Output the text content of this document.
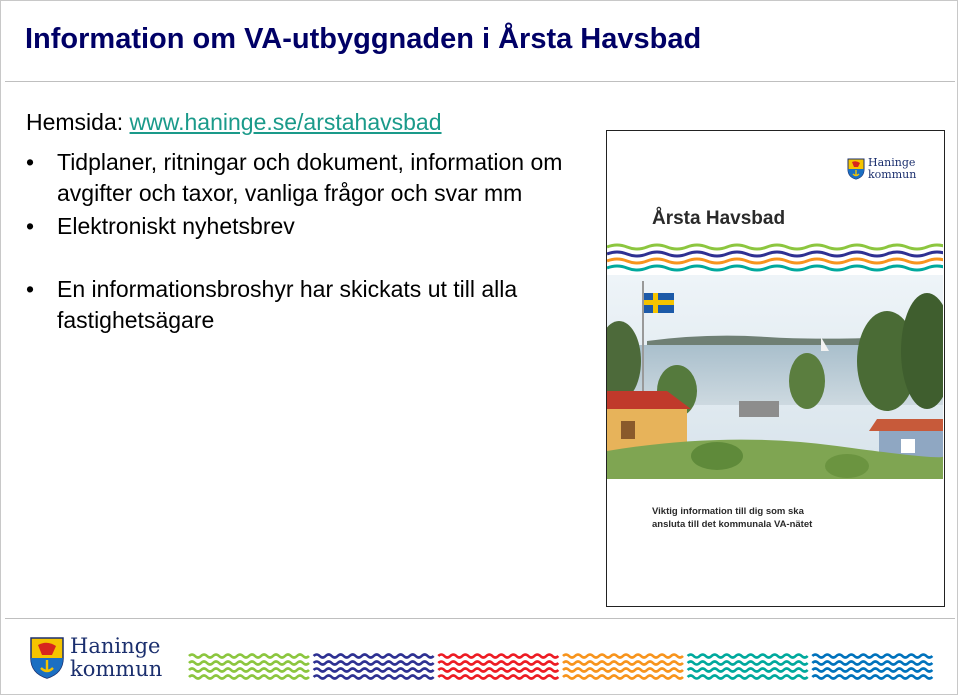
Information om VA-utbyggnaden i Årsta Havsbad
Hemsida: www.haninge.se/arstahavsbad
• Tidplaner, ritningar och dokument, information om avgifter och taxor, vanliga frågor och svar mm
• Elektroniskt nyhetsbrev
• En informationsbroshyr har skickats ut till alla fastighetsägare
Haninge
kommun
Årsta Havsbad
Viktig information till dig som ska
ansluta till det kommunala VA-nätet
Haninge
kommun
